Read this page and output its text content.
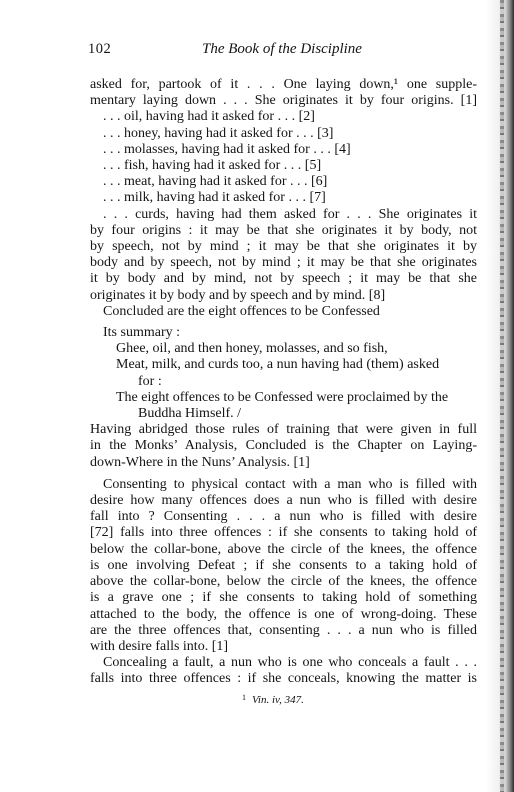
102	The Book of the Discipline
asked for, partook of it . . . One laying down,¹ one supple-
mentary laying down . . . She originates it by four origins. [1]
. . . oil, having had it asked for . . . [2]
. . . honey, having had it asked for . . . [3]
. . . molasses, having had it asked for . . . [4]
. . . fish, having had it asked for . . . [5]
. . . meat, having had it asked for . . . [6]
. . . milk, having had it asked for . . . [7]
. . . curds, having had them asked for . . . She originates it
by four origins : it may be that she originates it by body, not
by speech, not by mind ; it may be that she originates it by
body and by speech, not by mind ; it may be that she originates
it by body and by mind, not by speech ; it may be that she
originates it by body and by speech and by mind. [8]
Concluded are the eight offences to be Confessed
Its summary :
Ghee, oil, and then honey, molasses, and so fish,
Meat, milk, and curds too, a nun having had (them) asked
for :
The eight offences to be Confessed were proclaimed by the
Buddha Himself. /
Having abridged those rules of training that were given in full
in the Monks’ Analysis, Concluded is the Chapter on Laying-
down-Where in the Nuns’ Analysis. [1]
Consenting to physical contact with a man who is filled with
desire how many offences does a nun who is filled with desire
fall into ? Consenting . . . a nun who is filled with desire
[72] falls into three offences : if she consents to taking hold of
below the collar-bone, above the circle of the knees, the offence
is one involving Defeat ; if she consents to a taking hold of
above the collar-bone, below the circle of the knees, the offence
is a grave one ; if she consents to taking hold of something
attached to the body, the offence is one of wrong-doing. These
are the three offences that, consenting . . . a nun who is filled
with desire falls into. [1]
Concealing a fault, a nun who is one who conceals a fault . . .
falls into three offences : if she conceals, knowing the matter is
$^1$ Vin. iv, 347.
